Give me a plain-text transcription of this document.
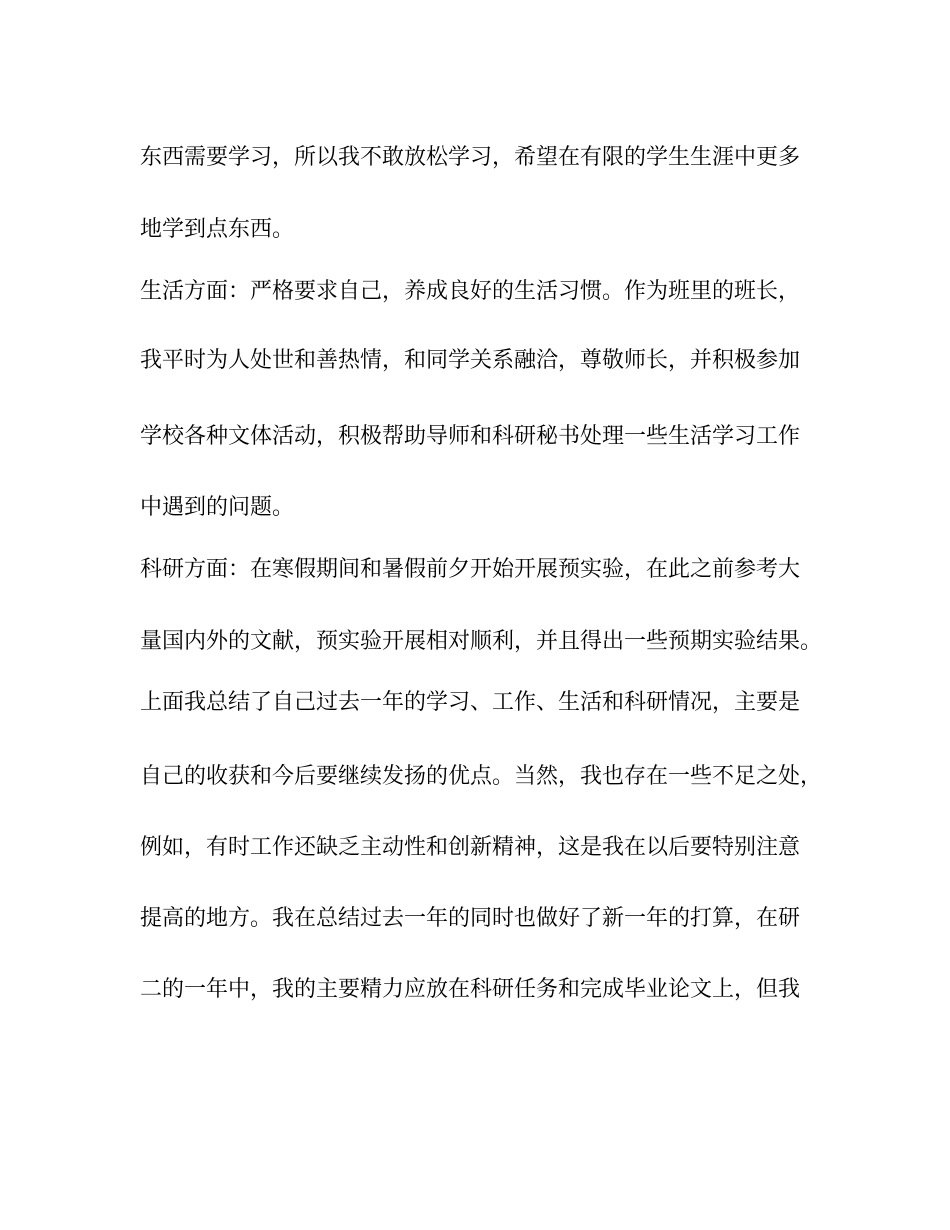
东西需要学习，所以我不敢放松学习，希望在有限的学生生涯中更多
地学到点东西。
生活方面：严格要求自己，养成良好的生活习惯。作为班里的班长，
我平时为人处世和善热情，和同学关系融洽，尊敬师长，并积极参加
学校各种文体活动，积极帮助导师和科研秘书处理一些生活学习工作
中遇到的问题。
科研方面：在寒假期间和暑假前夕开始开展预实验，在此之前参考大
量国内外的文献，预实验开展相对顺利，并且得出一些预期实验结果。
上面我总结了自己过去一年的学习、工作、生活和科研情况，主要是
自己的收获和今后要继续发扬的优点。当然，我也存在一些不足之处，
例如，有时工作还缺乏主动性和创新精神，这是我在以后要特别注意
提高的地方。我在总结过去一年的同时也做好了新一年的打算，在研
二的一年中，我的主要精力应放在科研任务和完成毕业论文上，但我
